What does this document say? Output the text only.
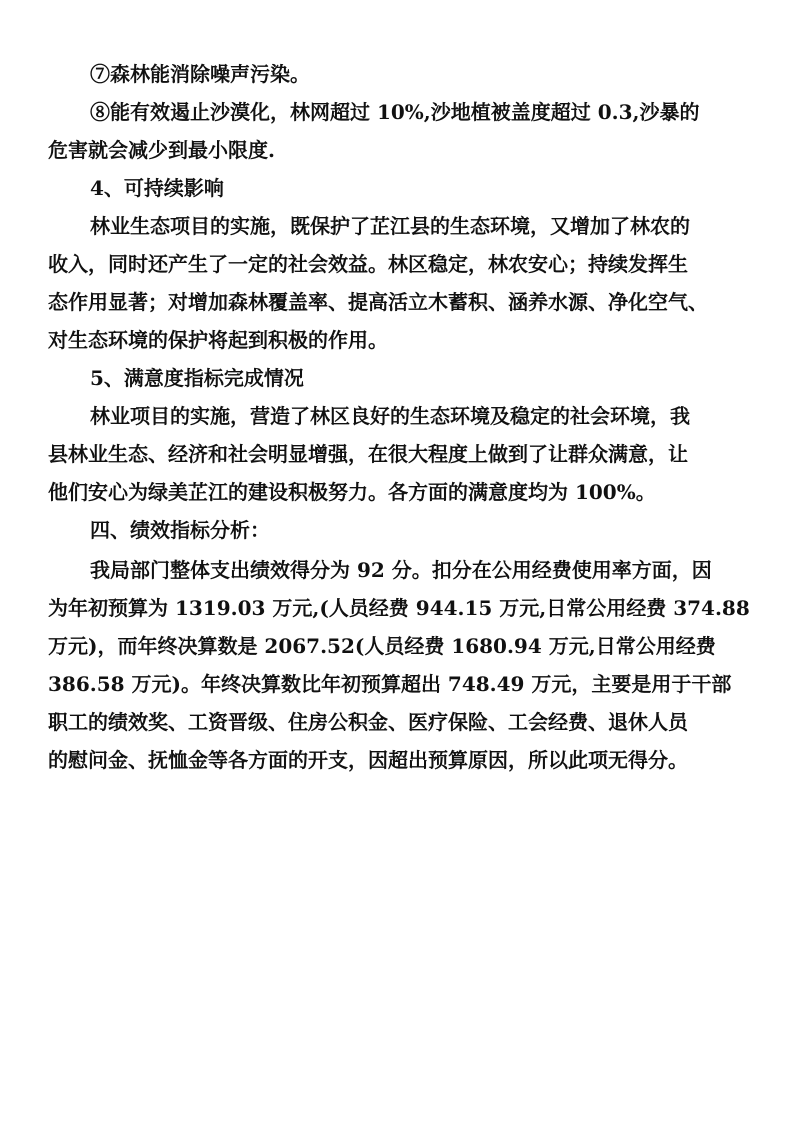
⑦森林能消除噪声污染。
⑧能有效遏止沙漠化，林网超过 10%,沙地植被盖度超过 0.3,沙暴的
危害就会减少到最小限度.
4、可持续影响
林业生态项目的实施，既保护了芷江县的生态环境，又增加了林农的
收入，同时还产生了一定的社会效益。林区稳定，林农安心；持续发挥生
态作用显著；对增加森林覆盖率、提高活立木蓄积、涵养水源、净化空气、
对生态环境的保护将起到积极的作用。
5、满意度指标完成情况
林业项目的实施，营造了林区良好的生态环境及稳定的社会环境，我
县林业生态、经济和社会明显增强，在很大程度上做到了让群众满意，让
他们安心为绿美芷江的建设积极努力。各方面的满意度均为 100%。
四、绩效指标分析：
我局部门整体支出绩效得分为 92 分。扣分在公用经费使用率方面，因
为年初预算为 1319.03 万元,(人员经费 944.15 万元,日常公用经费 374.88
万元)，而年终决算数是 2067.52(人员经费 1680.94 万元,日常公用经费
386.58 万元)。年终决算数比年初预算超出 748.49 万元，主要是用于干部
职工的绩效奖、工资晋级、住房公积金、医疗保险、工会经费、退休人员
的慰问金、抚恤金等各方面的开支，因超出预算原因，所以此项无得分。
